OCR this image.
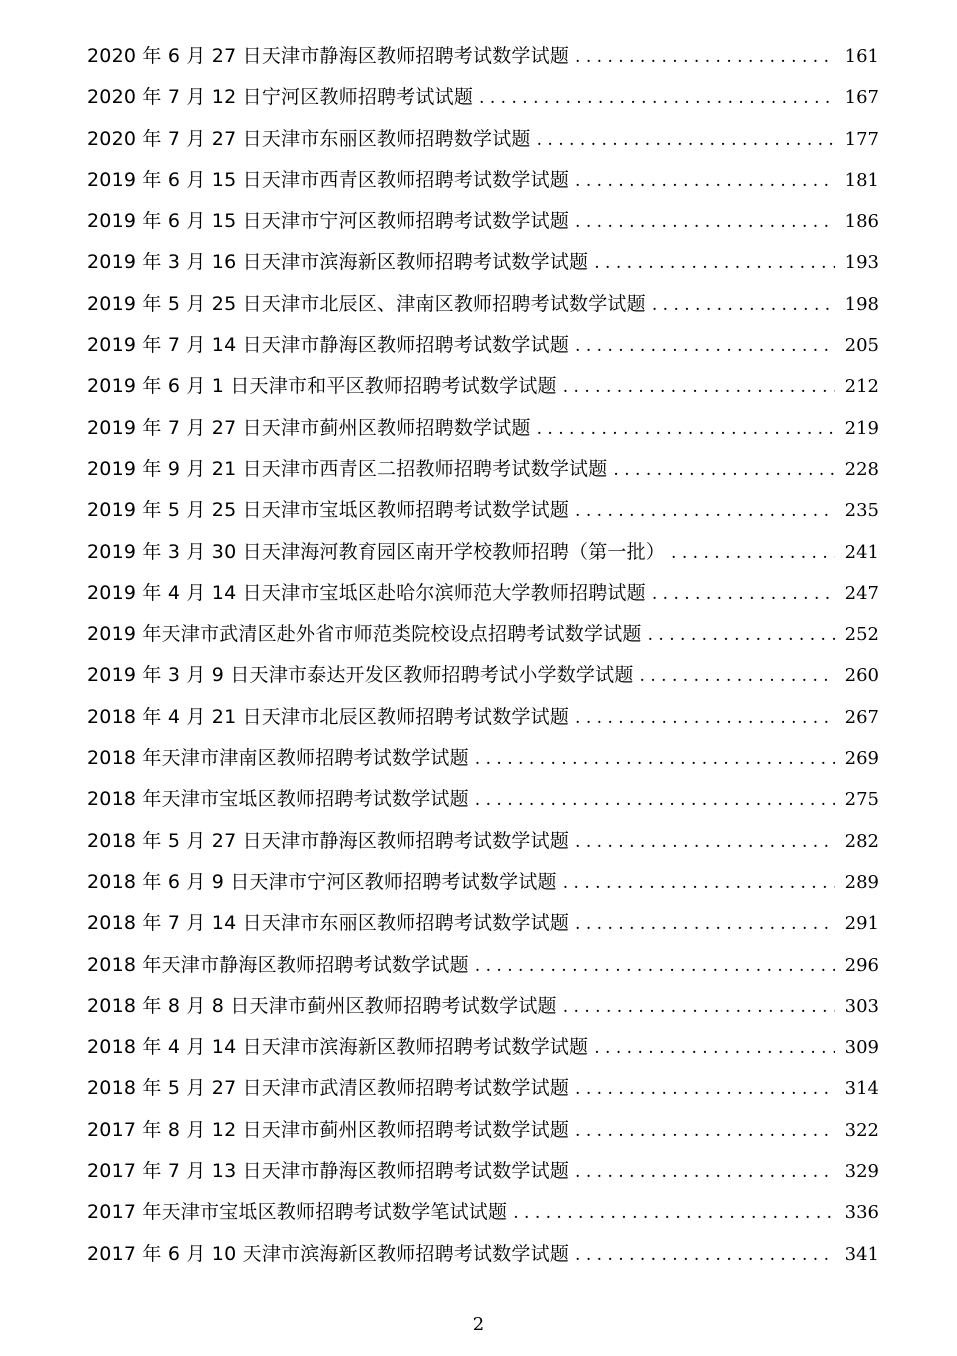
2020 年 6 月 27 日天津市静海区教师招聘考试数学试题 . . .	161
2020 年 7 月 12 日宁河区教师招聘考试试题 . . .	167
2020 年 7 月 27 日天津市东丽区教师招聘数学试题 . . .	177
2019 年 6 月 15 日天津市西青区教师招聘考试数学试题 . . .	181
2019 年 6 月 15 日天津市宁河区教师招聘考试数学试题 . . .	186
2019 年 3 月 16 日天津市滨海新区教师招聘考试数学试题 . . .	193
2019 年 5 月 25 日天津市北辰区、津南区教师招聘考试数学试题 . . .	198
2019 年 7 月 14 日天津市静海区教师招聘考试数学试题 . . .	205
2019 年 6 月 1 日天津市和平区教师招聘考试数学试题 . . .	212
2019 年 7 月 27 日天津市蓟州区教师招聘数学试题 . . .	219
2019 年 9 月 21 日天津市西青区二招教师招聘考试数学试题 . . .	228
2019 年 5 月 25 日天津市宝坻区教师招聘考试数学试题 . . .	235
2019 年 3 月 30 日天津海河教育园区南开学校教师招聘（第一批） . . .	241
2019 年 4 月 14 日天津市宝坻区赴哈尔滨师范大学教师招聘试题 . . .	247
2019 年天津市武清区赴外省市师范类院校设点招聘考试数学试题 . . .	252
2019 年 3 月 9 日天津市泰达开发区教师招聘考试小学数学试题 . . .	260
2018 年 4 月 21 日天津市北辰区教师招聘考试数学试题 . . .	267
2018 年天津市津南区教师招聘考试数学试题 . . .	269
2018 年天津市宝坻区教师招聘考试数学试题 . . .	275
2018 年 5 月 27 日天津市静海区教师招聘考试数学试题 . . .	282
2018 年 6 月 9 日天津市宁河区教师招聘考试数学试题 . . .	289
2018 年 7 月 14 日天津市东丽区教师招聘考试数学试题 . . .	291
2018 年天津市静海区教师招聘考试数学试题 . . .	296
2018 年 8 月 8 日天津市蓟州区教师招聘考试数学试题 . . .	303
2018 年 4 月 14 日天津市滨海新区教师招聘考试数学试题 . . .	309
2018 年 5 月 27 日天津市武清区教师招聘考试数学试题 . . .	314
2017 年 8 月 12 日天津市蓟州区教师招聘考试数学试题 . . .	322
2017 年 7 月 13 日天津市静海区教师招聘考试数学试题 . . .	329
2017 年天津市宝坻区教师招聘考试数学笔试试题 . . .	336
2017 年 6 月 10 天津市滨海新区教师招聘考试数学试题 . . .	341
2
